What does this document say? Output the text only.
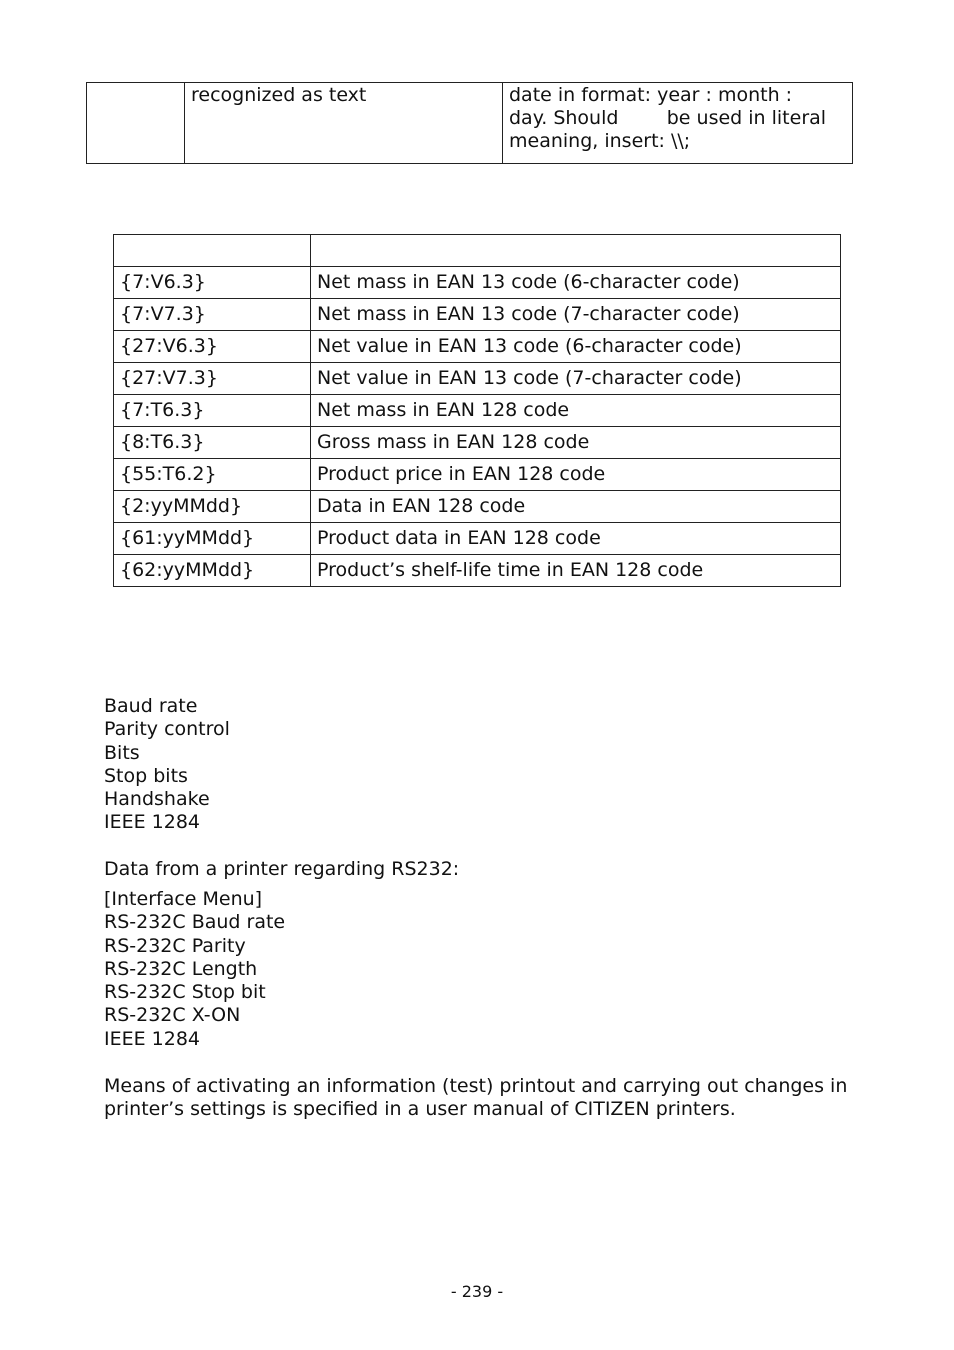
	recognized as text	date in format: year : month :
day. Should        be used in literal
meaning, insert: \\;

{7:V6.3}	Net mass in EAN 13 code (6-character code)
{7:V7.3}	Net mass in EAN 13 code (7-character code)
{27:V6.3}	Net value in EAN 13 code (6-character code)
{27:V7.3}	Net value in EAN 13 code (7-character code)
{7:T6.3}	Net mass in EAN 128 code
{8:T6.3}	Gross mass in EAN 128 code
{55:T6.2}	Product price in EAN 128 code
{2:yyMMdd}	Data in EAN 128 code
{61:yyMMdd}	Product data in EAN 128 code
{62:yyMMdd}	Product’s shelf-life time in EAN 128 code
Baud rate
Parity control
Bits
Stop bits
Handshake
IEEE 1284
Data from a printer regarding RS232:
[Interface Menu]
RS-232C Baud rate
RS-232C Parity
RS-232C Length
RS-232C Stop bit
RS-232C X-ON
IEEE 1284
Means of activating an information (test) printout and carrying out changes in
printer’s settings is specified in a user manual of CITIZEN printers.
- 239 -
